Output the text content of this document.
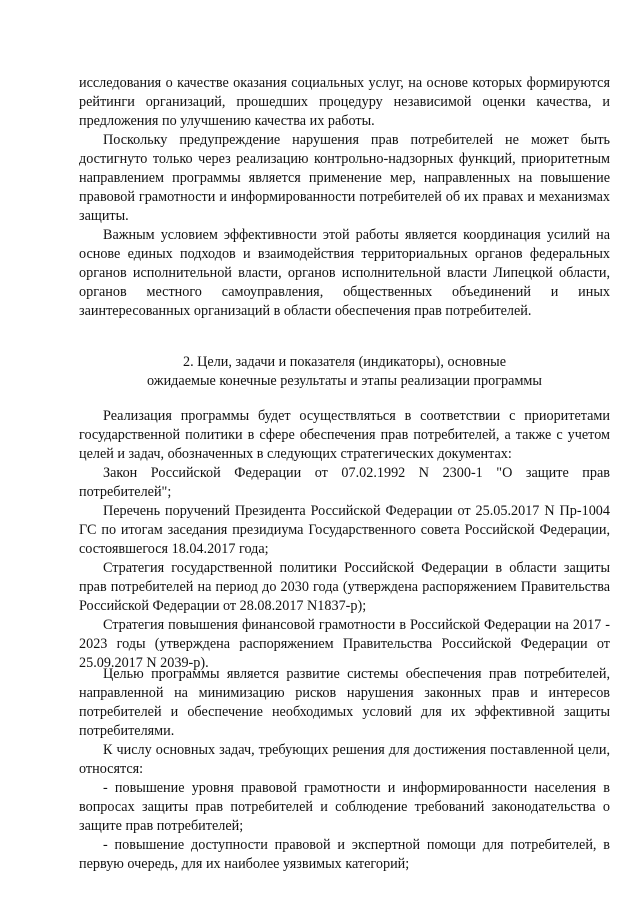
исследования о качестве оказания социальных услуг, на основе которых формируются рейтинги организаций, прошедших процедуру независимой оценки качества, и предложения по улучшению качества их работы.

Поскольку предупреждение нарушения прав потребителей не может быть достигнуто только через реализацию контрольно-надзорных функций, приоритетным направлением программы является применение мер, направленных на повышение правовой грамотности и информированности потребителей об их правах и механизмах защиты.

Важным условием эффективности этой работы является координация усилий на основе единых подходов и взаимодействия территориальных органов федеральных органов исполнительной власти, органов исполнительной власти Липецкой области, органов местного самоуправления, общественных объединений и иных заинтересованных организаций в области обеспечения прав потребителей.

2. Цели, задачи и показателя (индикаторы), основные
ожидаемые конечные результаты и этапы реализации программы

Реализация программы будет осуществляться в соответствии с приоритетами государственной политики в сфере обеспечения прав потребителей, а также с учетом целей и задач, обозначенных в следующих стратегических документах:

Закон Российской Федерации от 07.02.1992 N 2300-1 "О защите прав потребителей";

Перечень поручений Президента Российской Федерации от 25.05.2017 N Пр-1004 ГС по итогам заседания президиума Государственного совета Российской Федерации, состоявшегося 18.04.2017 года;

Стратегия государственной политики Российской Федерации в области защиты прав потребителей на период до 2030 года (утверждена распоряжением Правительства Российской Федерации от 28.08.2017 N1837-р);

Стратегия повышения финансовой грамотности в Российской Федерации на 2017 - 2023 годы (утверждена распоряжением Правительства Российской Федерации от 25.09.2017 N 2039-р).

Целью программы является развитие системы обеспечения прав потребителей, направленной на минимизацию рисков нарушения законных прав и интересов потребителей и обеспечение необходимых условий для их эффективной защиты потребителями.

К числу основных задач, требующих решения для достижения поставленной цели, относятся:

- повышение уровня правовой грамотности и информированности населения в вопросах защиты прав потребителей и соблюдение требований законодательства о защите прав потребителей;

- повышение доступности правовой и экспертной помощи для потребителей, в первую очередь, для их наиболее уязвимых категорий;
